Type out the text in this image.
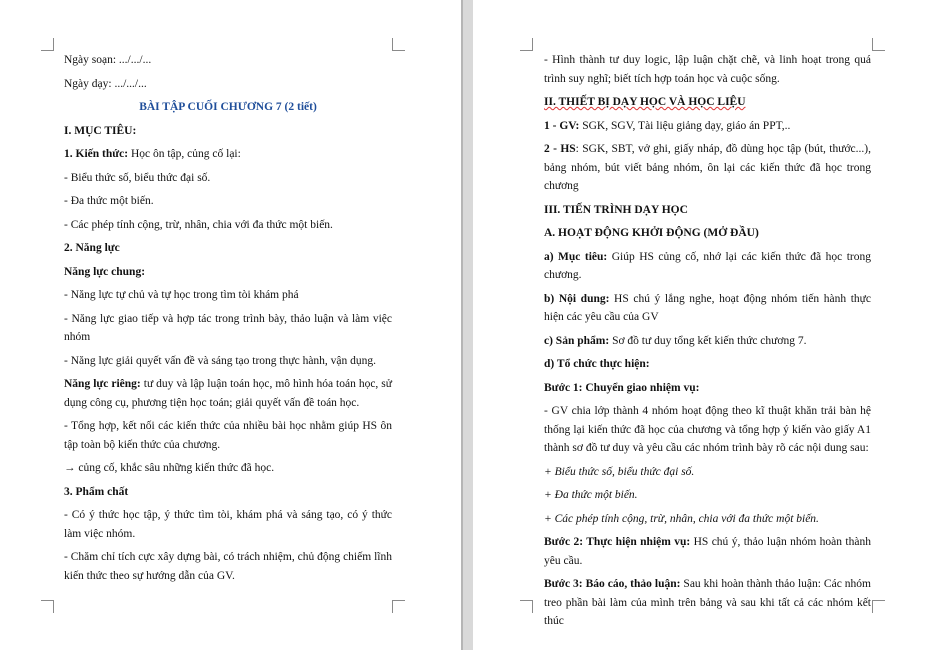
Ngày soạn: .../.../...

Ngày dạy: .../.../...

BÀI TẬP CUỐI CHƯƠNG 7 (2 tiết)

I. MỤC TIÊU:

1. Kiến thức: Học ôn tập, củng cố lại:

- Biểu thức số, biểu thức đại số.

- Đa thức một biến.

- Các phép tính cộng, trừ, nhân, chia với đa thức một biến.

2. Năng lực

Năng lực chung:

- Năng lực tự chủ và tự học trong tìm tòi khám phá

- Năng lực giao tiếp và hợp tác trong trình bày, thảo luận và làm việc nhóm

- Năng lực giải quyết vấn đề và sáng tạo trong thực hành, vận dụng.

Năng lực riêng: tư duy và lập luận toán học, mô hình hóa toán học, sử dụng công cụ, phương tiện học toán; giải quyết vấn đề toán học.

- Tổng hợp, kết nối các kiến thức của nhiều bài học nhằm giúp HS ôn tập toàn bộ kiến thức của chương.

→ củng cố, khắc sâu những kiến thức đã học.

3. Phẩm chất

- Có ý thức học tập, ý thức tìm tòi, khám phá và sáng tạo, có ý thức làm việc nhóm.

- Chăm chỉ tích cực xây dựng bài, có trách nhiệm, chủ động chiếm lĩnh kiến thức theo sự hướng dẫn của GV.

- Hình thành tư duy logic, lập luận chặt chẽ, và linh hoạt trong quá trình suy nghĩ; biết tích hợp toán học và cuộc sống.

II. THIẾT BỊ DẠY HỌC VÀ HỌC LIỆU

1 - GV: SGK, SGV, Tài liệu giảng dạy, giáo án PPT,..

2 - HS: SGK, SBT, vở ghi, giấy nháp, đồ dùng học tập (bút, thước...), bảng nhóm, bút viết bảng nhóm, ôn lại các kiến thức đã học trong chương

III. TIẾN TRÌNH DẠY HỌC

A. HOẠT ĐỘNG KHỞI ĐỘNG (MỞ ĐẦU)

a) Mục tiêu: Giúp HS củng cố, nhớ lại các kiến thức đã học trong chương.

b) Nội dung: HS chú ý lắng nghe, hoạt động nhóm tiến hành thực hiện các yêu cầu của GV

c) Sản phẩm: Sơ đồ tư duy tổng kết kiến thức chương 7.

d) Tổ chức thực hiện:

Bước 1: Chuyển giao nhiệm vụ:

- GV chia lớp thành 4 nhóm hoạt động theo kĩ thuật khăn trải bàn hệ thống lại kiến thức đã học của chương và tổng hợp ý kiến vào giấy A1 thành sơ đồ tư duy và yêu cầu các nhóm trình bày rõ các nội dung sau:

+ Biểu thức số, biểu thức đại số.

+ Đa thức một biến.

+ Các phép tính cộng, trừ, nhân, chia với đa thức một biến.

Bước 2: Thực hiện nhiệm vụ: HS chú ý, thảo luận nhóm hoàn thành yêu cầu.

Bước 3: Báo cáo, thảo luận: Sau khi hoàn thành thảo luận: Các nhóm treo phần bài làm của mình trên bảng và sau khi tất cả các nhóm kết thúc
